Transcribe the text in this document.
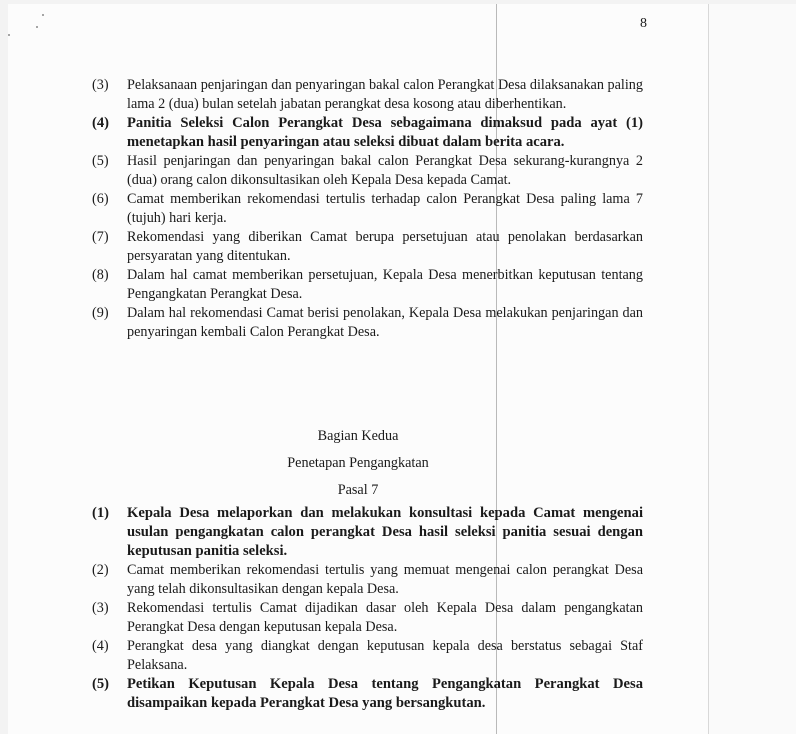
8
(3)	Pelaksanaan penjaringan dan penyaringan bakal calon Perangkat Desa dilaksanakan paling lama 2 (dua) bulan setelah jabatan perangkat desa kosong atau diberhentikan.
(4)	Panitia Seleksi Calon Perangkat Desa sebagaimana dimaksud pada ayat (1) menetapkan hasil penyaringan atau seleksi dibuat dalam berita acara.
(5)	Hasil penjaringan dan penyaringan bakal calon Perangkat Desa sekurang-kurangnya 2 (dua) orang calon dikonsultasikan oleh Kepala Desa kepada Camat.
(6)	Camat memberikan rekomendasi tertulis terhadap calon Perangkat Desa paling lama 7 (tujuh) hari kerja.
(7)	Rekomendasi yang diberikan Camat berupa persetujuan atau penolakan berdasarkan persyaratan yang ditentukan.
(8)	Dalam hal camat memberikan persetujuan, Kepala Desa menerbitkan keputusan tentang Pengangkatan Perangkat Desa.
(9)	Dalam hal rekomendasi Camat berisi penolakan, Kepala Desa melakukan penjaringan dan penyaringan kembali Calon Perangkat Desa.
Bagian Kedua
Penetapan Pengangkatan
Pasal 7
(1)	Kepala Desa melaporkan dan melakukan konsultasi kepada Camat mengenai usulan pengangkatan calon perangkat Desa hasil seleksi panitia sesuai dengan keputusan panitia seleksi.
(2)	Camat memberikan rekomendasi tertulis yang memuat mengenai calon perangkat Desa yang telah dikonsultasikan dengan kepala Desa.
(3)	Rekomendasi tertulis Camat dijadikan dasar oleh Kepala Desa dalam pengangkatan Perangkat Desa dengan keputusan kepala Desa.
(4)	Perangkat desa yang diangkat dengan keputusan kepala desa berstatus sebagai Staf Pelaksana.
(5)	Petikan Keputusan Kepala Desa tentang Pengangkatan Perangkat Desa disampaikan kepada Perangkat Desa yang bersangkutan.
